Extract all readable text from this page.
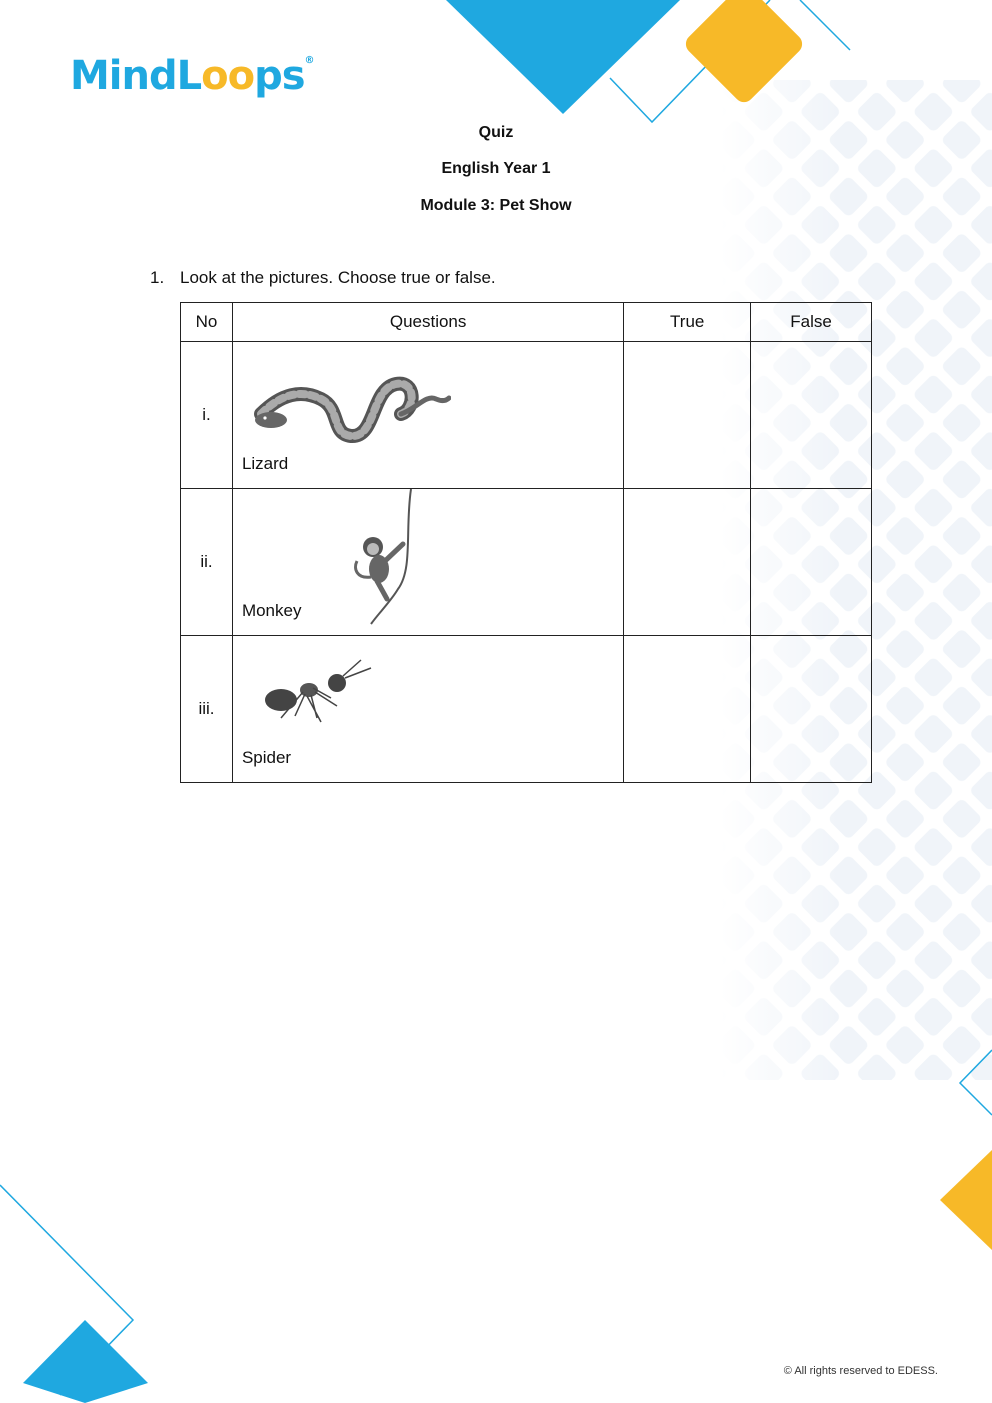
MindLoops®
Quiz
English Year 1
Module 3: Pet Show
1. Look at the pictures. Choose true or false.
No	Questions	True	False
i.	Lizard		

ii.	Monkey		

iii.	Spider		

© All rights reserved to EDESS.
